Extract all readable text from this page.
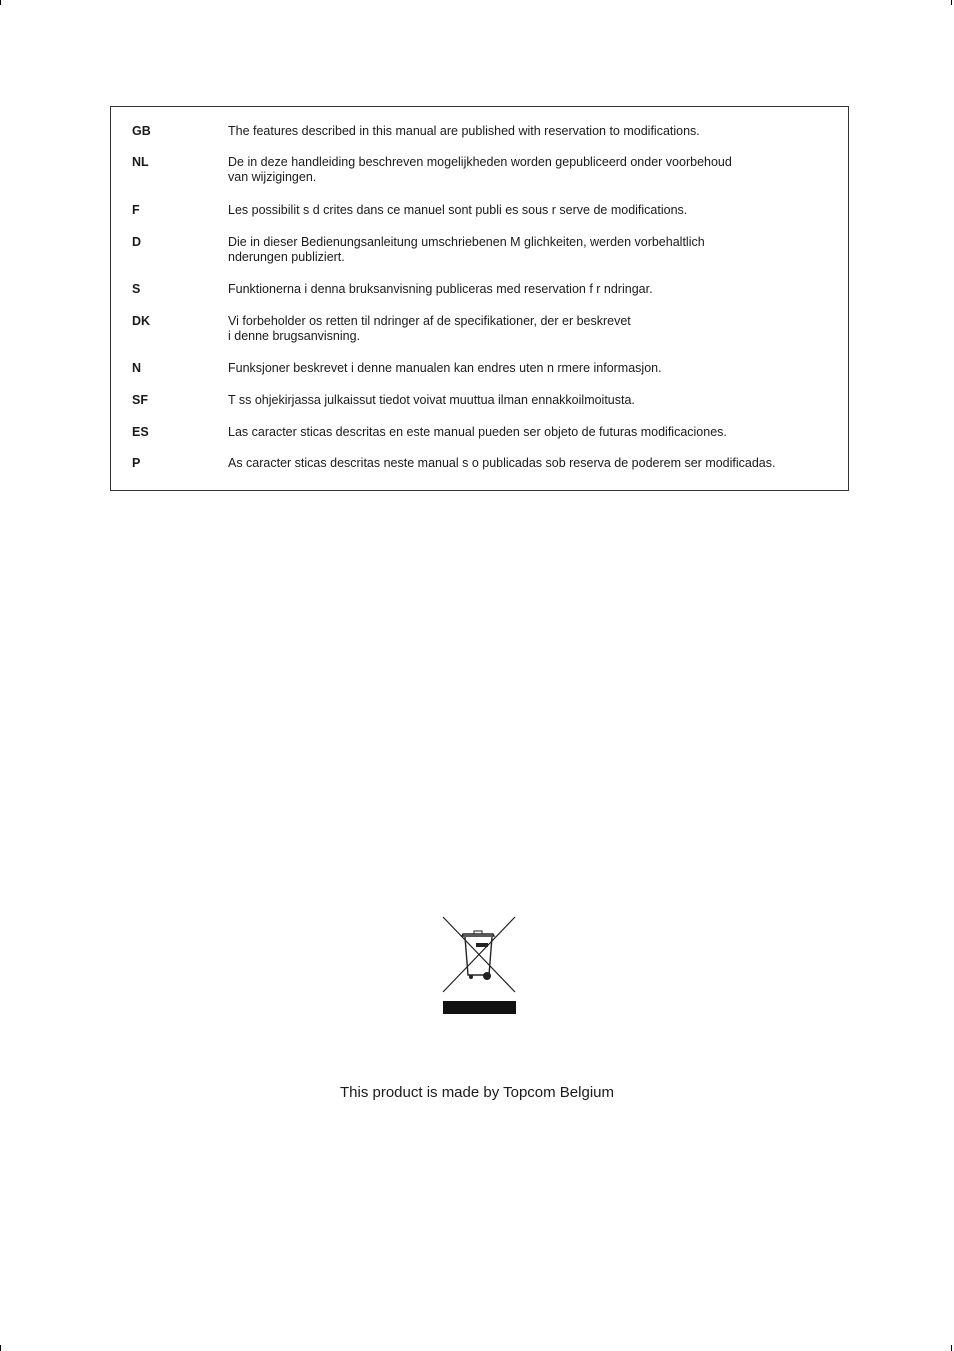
GB	The features described in this manual are published with reservation to modifications.
NL	De in deze handleiding beschreven mogelijkheden worden gepubliceerd onder voorbehoud
van wijzigingen.
F	Les possibilit s d crites dans ce manuel sont publi es sous r serve de modifications.
D	Die in dieser Bedienungsanleitung umschriebenen M glichkeiten, werden vorbehaltlich
nderungen publiziert.
S	Funktionerna i denna bruksanvisning publiceras med reservation f r ndringar.
DK	Vi forbeholder os retten til ndringer af de specifikationer, der er beskrevet
i denne brugsanvisning.
N	Funksjoner beskrevet i denne manualen kan endres uten n rmere informasjon.
SF	T ss ohjekirjassa julkaissut tiedot voivat muuttua ilman ennakkoilmoitusta.
ES	Las caracter sticas descritas en este manual pueden ser objeto de futuras modificaciones.
P	As caracter sticas descritas neste manual s o publicadas sob reserva de poderem ser modificadas.
This product is made by Topcom Belgium
